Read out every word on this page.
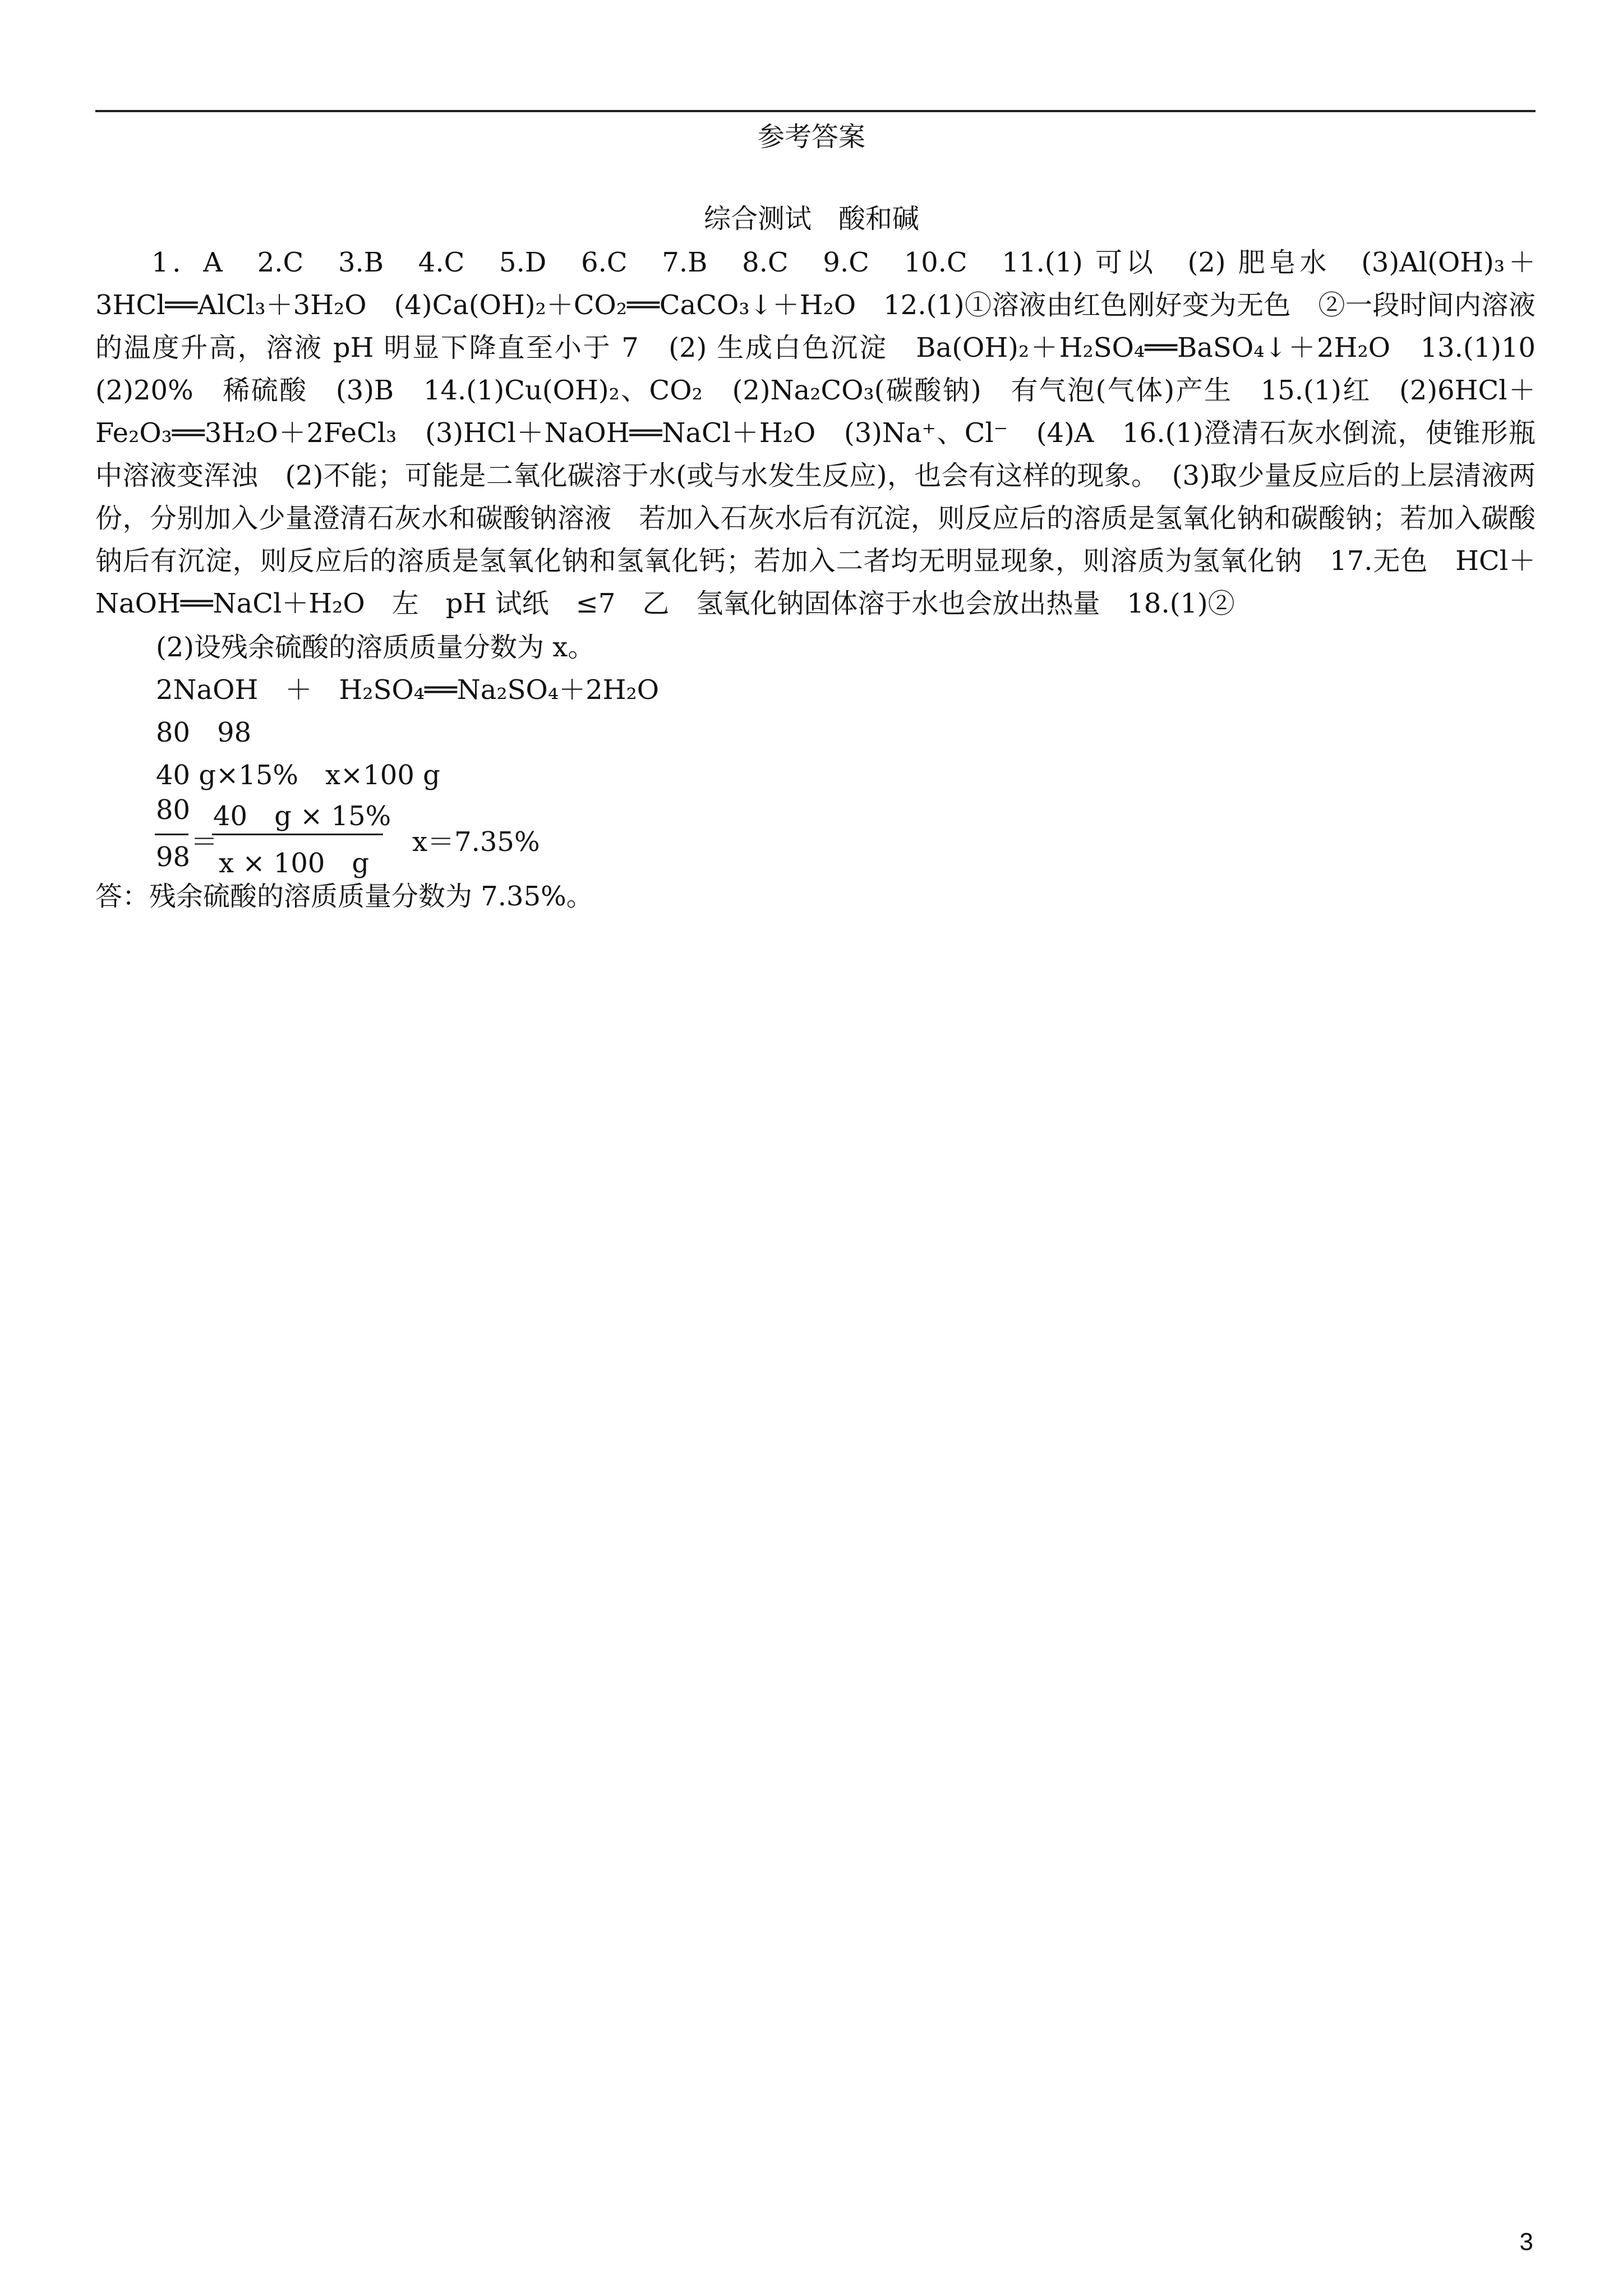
参考答案
综合测试　酸和碱

1．A　2.C　3.B　4.C　5.D　6.C　7.B　8.C　9.C　10.C　11.(1) 可以　(2) 肥皂水　(3)Al(OH)₃＋3HCl══AlCl₃＋3H₂O　(4)Ca(OH)₂＋CO₂══CaCO₃↓＋H₂O　12.(1)①溶液由红色刚好变为无色　②一段时间内溶液的温度升高，溶液 pH 明显下降直至小于 7　(2) 生成白色沉淀　Ba(OH)₂＋H₂SO₄══BaSO₄↓＋2H₂O　13.(1)10　(2)20%　稀硫酸　(3)B　14.(1)Cu(OH)₂、CO₂　(2)Na₂CO₃(碳酸钠)　有气泡(气体)产生　15.(1)红　(2)6HCl＋Fe₂O₃══3H₂O＋2FeCl₃　(3)HCl＋NaOH══NaCl＋H₂O　(3)Na⁺、Cl⁻　(4)A　16.(1)澄清石灰水倒流，使锥形瓶中溶液变浑浊　(2)不能；可能是二氧化碳溶于水(或与水发生反应)，也会有这样的现象。　(3)取少量反应后的上层清液两份，分别加入少量澄清石灰水和碳酸钠溶液　若加入石灰水后有沉淀，则反应后的溶质是氢氧化钠和碳酸钠；若加入碳酸钠后有沉淀，则反应后的溶质是氢氧化钠和氢氧化钙；若加入二者均无明显现象，则溶质为氢氧化钠　17.无色　HCl＋NaOH══NaCl＋H₂O　左　pH 试纸　≤7　乙　氢氧化钠固体溶于水也会放出热量　18.(1)②

(2)设残余硫酸的溶质质量分数为 x。
2NaOH　＋　H₂SO₄══Na₂SO₄＋2H₂O
80　98
40 g×15%　x×100 g
80
98 ＝
40　g × 15%
x × 100　g
x＝7.35%
答：残余硫酸的溶质质量分数为 7.35%。
3
